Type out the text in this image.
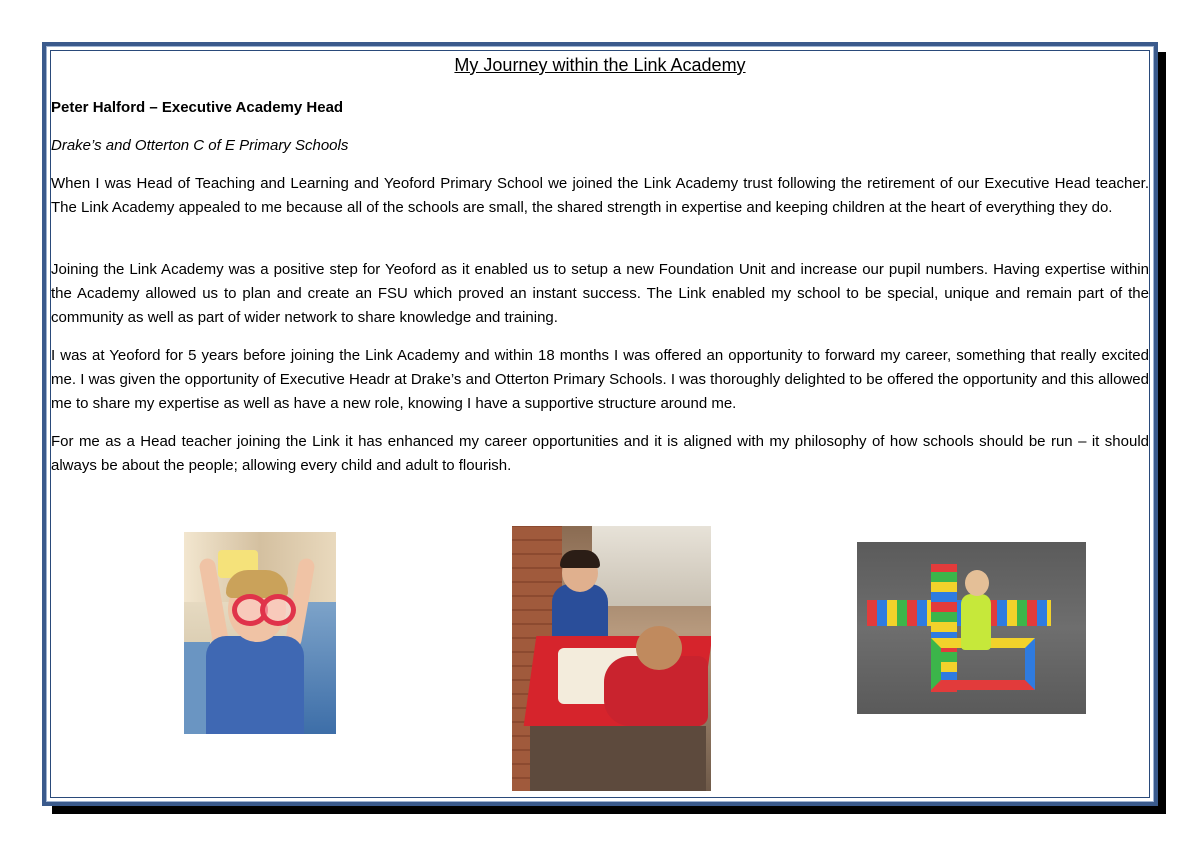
My Journey within the Link Academy

Peter Halford – Executive Academy Head

Drake’s and Otterton C of E Primary Schools

When I was Head of Teaching and Learning and Yeoford Primary School we joined the Link Academy trust following the retirement of our Executive Head teacher. The Link Academy appealed to me because all of the schools are small, the shared strength in expertise and keeping children at the heart of everything they do.

Joining the Link Academy was a positive step for Yeoford as it enabled us to setup a new Foundation Unit and increase our pupil numbers. Having expertise within the Academy allowed us to plan and create an FSU which proved an instant success. The Link enabled my school to be special, unique and remain part of the community as well as part of wider network to share knowledge and training.

I was at Yeoford for 5 years before joining the Link Academy and within 18 months I was offered an opportunity to forward my career, something that really excited me. I was given the opportunity of Executive Headr at Drake’s and Otterton Primary Schools. I was thoroughly delighted to be offered the opportunity and this allowed me to share my expertise as well as have a new role, knowing I have a supportive structure around me.

For me as a Head teacher joining the Link it has enhanced my career opportunities and it is aligned with my philosophy of how schools should be run – it should always be about the people; allowing every child and adult to flourish.
